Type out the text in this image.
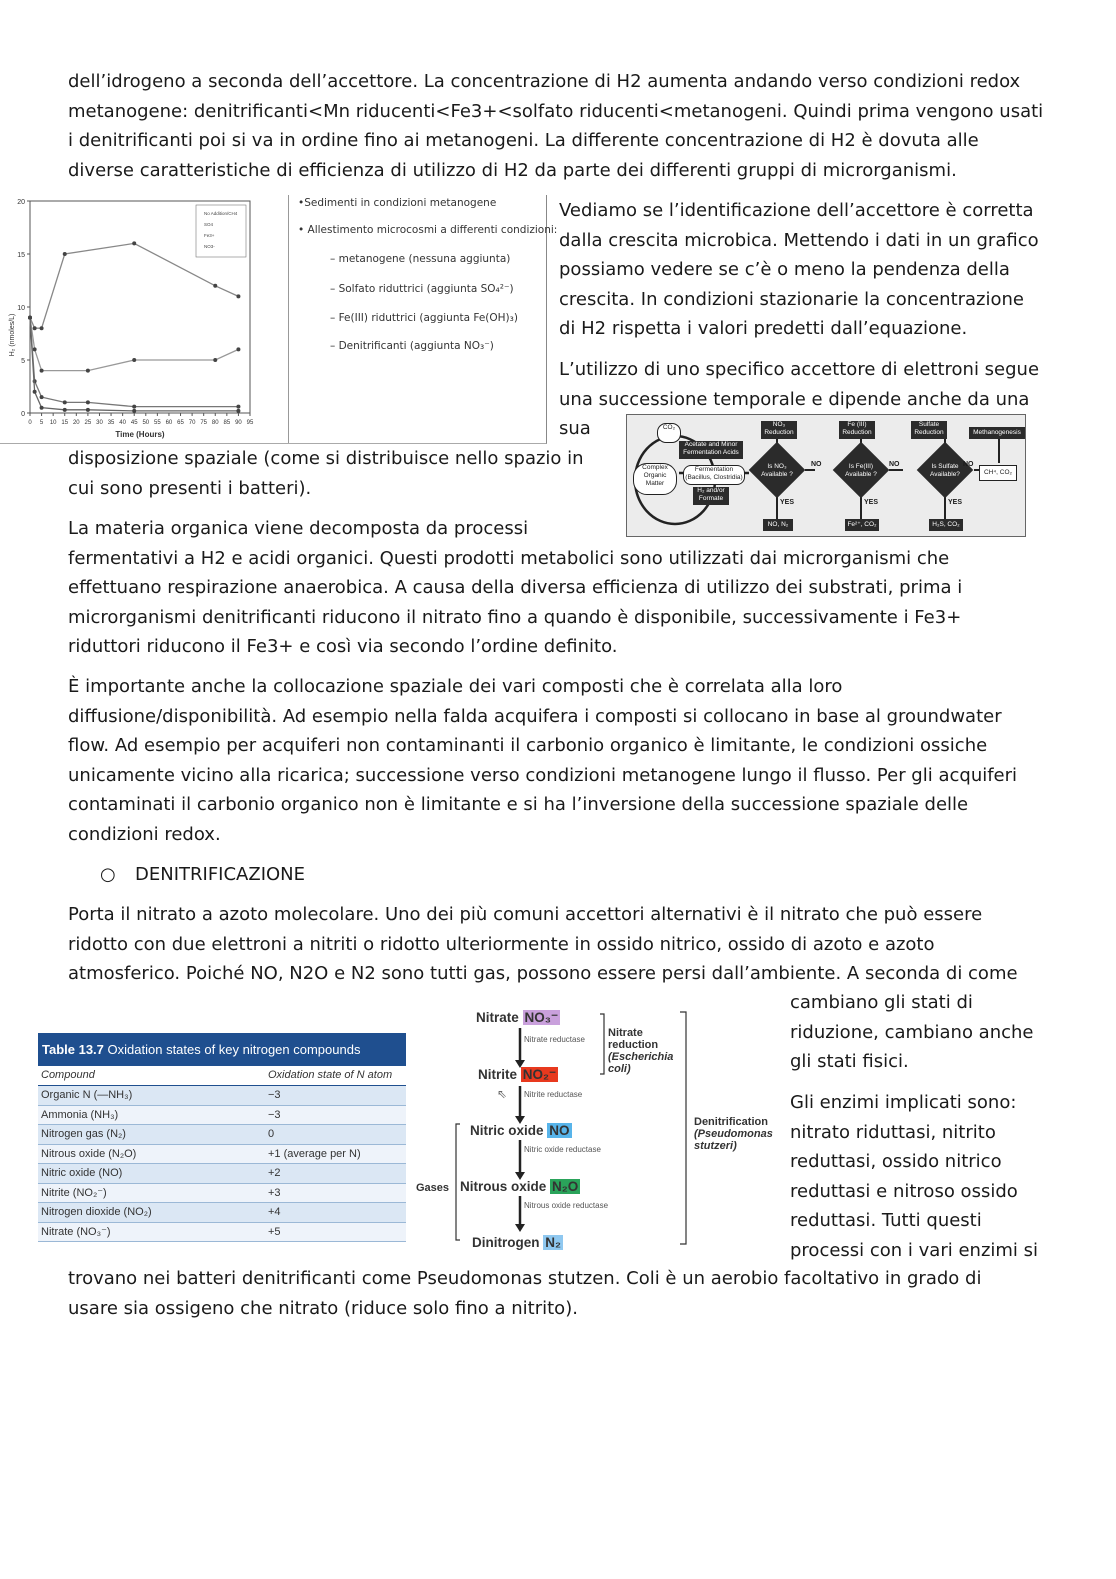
dell’idrogeno a seconda dell’accettore. La concentrazione di H2 aumenta andando verso condizioni redox
metanogene: denitrificanti<Mn riducenti<Fe3+<solfato riducenti<metanogeni. Quindi prima vengono usati
i denitrificanti poi si va in ordine fino ai metanogeni. La differente concentrazione di H2 è dovuta alle
diverse caratteristiche di efficienza di utilizzo di H2 da parte dei differenti gruppi di microrganismi.
0
5
10
15
20
0 5 10 15 20 25 30 35 40 45 50 55 60 65 70 75 80 85 90 95
No Addition/CH4
SO4
Fe3+
NO3-
Time (Hours)
H₂ (nmoles/L)
•Sedimenti in condizioni metanogene
• Allestimento microcosmi a differenti condizioni:
– metanogene (nessuna aggiunta)
– Solfato riduttrici (aggiunta SO₄²⁻)
– Fe(III) riduttrici (aggiunta Fe(OH)₃)
– Denitrificanti (aggiunta NO₃⁻)
Vediamo se l’identificazione dell’accettore è corretta
dalla crescita microbica. Mettendo i dati in un grafico
possiamo vedere se c’è o meno la pendenza della
crescita. In condizioni stazionarie la concentrazione
di H2 rispetta i valori predetti dall’equazione.
L’utilizzo di uno specifico accettore di elettroni segue
una successione temporale e dipende anche da una
sua
disposizione spaziale (come si distribuisce nello spazio in
cui sono presenti i batteri).
CO₂
Complex
Organic
Matter
Acetate and Minor
Fermentation Acids
Fermentation
(Bacillus, Clostridia)
H₂ and/or
Formate
NO₃
Reduction
Fe (III)
Reduction
Sulfate
Reduction	Methanogenesis
Is NO₃
Available ?
Is Fe(III)
Available ?
Is Sulfate
Available?
NO	NO	NO
YES	YES	YES
NO, N₂	Fe²⁺, CO₂	H₂S, CO₂
CH⁴, CO₂
La materia organica viene decomposta da processi
fermentativi a H2 e acidi organici. Questi prodotti metabolici sono utilizzati dai microrganismi che
effettuano respirazione anaerobica. A causa della diversa efficienza di utilizzo dei substrati, prima i
microrganismi denitrificanti riducono il nitrato fino a quando è disponibile, successivamente i Fe3+
riduttori riducono il Fe3+ e così via secondo l’ordine definito.
È importante anche la collocazione spaziale dei vari composti che è correlata alla loro
diffusione/disponibilità. Ad esempio nella falda acquifera i composti si collocano in base al groundwater
flow. Ad esempio per acquiferi non contaminanti il carbonio organico è limitante, le condizioni ossiche
unicamente vicino alla ricarica; successione verso condizioni metanogene lungo il flusso. Per gli acquiferi
contaminati il carbonio organico non è limitante e si ha l’inversione della successione spaziale delle
condizioni redox.
○ DENITRIFICAZIONE
Porta il nitrato a azoto molecolare. Uno dei più comuni accettori alternativi è il nitrato che può essere
ridotto con due elettroni a nitriti o ridotto ulteriormente in ossido nitrico, ossido di azoto e azoto
atmosferico. Poiché NO, N2O e N2 sono tutti gas, possono essere persi dall’ambiente. A seconda di come
cambiano gli stati di
riduzione, cambiano anche
gli stati fisici.
Gli enzimi implicati sono:
nitrato riduttasi, nitrito
reduttasi, ossido nitrico
reduttasi e nitroso ossido
reduttasi. Tutti questi
processi con i vari enzimi si
trovano nei batteri denitrificanti come Pseudomonas stutzen. Coli è un aerobio facoltativo in grado di
usare sia ossigeno che nitrato (riduce solo fino a nitrito).
Table 13.7 Oxidation states of key nitrogen compounds
Compound	Oxidation state of N atom
Organic N (—NH₃)	−3
Ammonia (NH₃)	−3
Nitrogen gas (N₂)	0
Nitrous oxide (N₂O)	+1 (average per N)
Nitric oxide (NO)	+2
Nitrite (NO₂⁻)	+3
Nitrogen dioxide (NO₂)	+4
Nitrate (NO₃⁻)	+5
Nitrate NO₃⁻
Nitrate reductase
Nitrite NO₂⁻
⇖ Nitrite reductase
Nitric oxide NO
Nitric oxide reductase
Nitrous oxide N₂O
Nitrous oxide reductase
Dinitrogen N₂
Gases
Nitrate
reduction
(Escherichia
coli)
Denitrification
(Pseudomonas
stutzeri)
